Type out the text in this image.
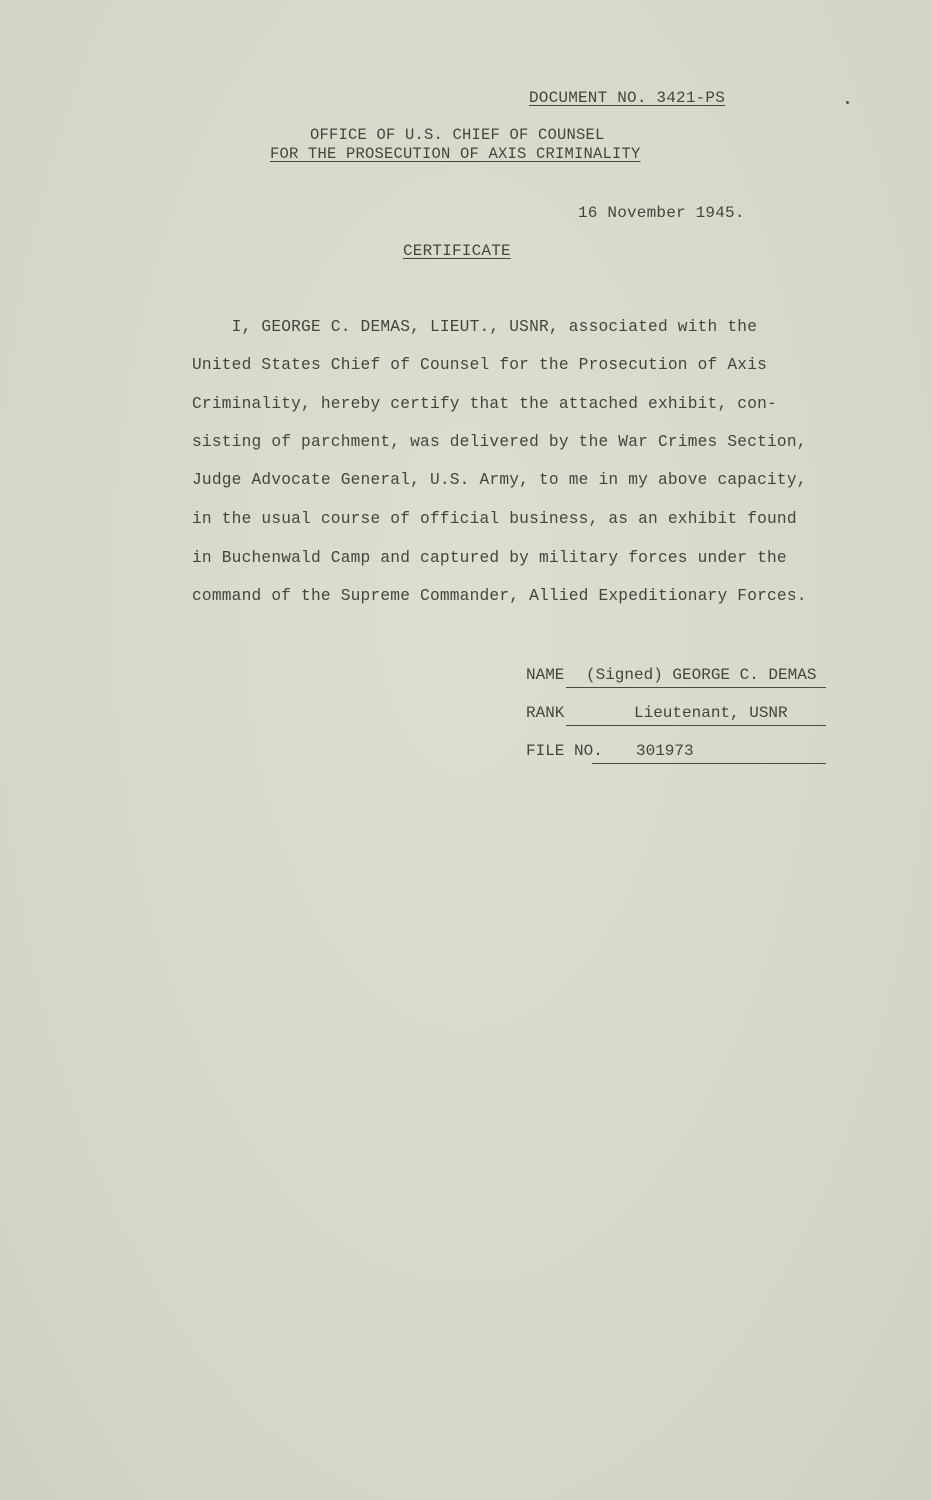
DOCUMENT NO. 3421-PS
OFFICE OF U.S. CHIEF OF COUNSEL
FOR THE PROSECUTION OF AXIS CRIMINALITY
16 November 1945.
CERTIFICATE
I, GEORGE C. DEMAS, LIEUT., USNR, associated with the
United States Chief of Counsel for the Prosecution of Axis
Criminality, hereby certify that the attached exhibit, con-
sisting of parchment, was delivered by the War Crimes Section,
Judge Advocate General, U.S. Army, to me in my above capacity,
in the usual course of official business, as an exhibit found
in Buchenwald Camp and captured by military forces under the
command of the Supreme Commander, Allied Expeditionary Forces.
NAME (Signed) GEORGE C. DEMAS
RANK	Lieutenant, USNR
FILE NO. 301973
